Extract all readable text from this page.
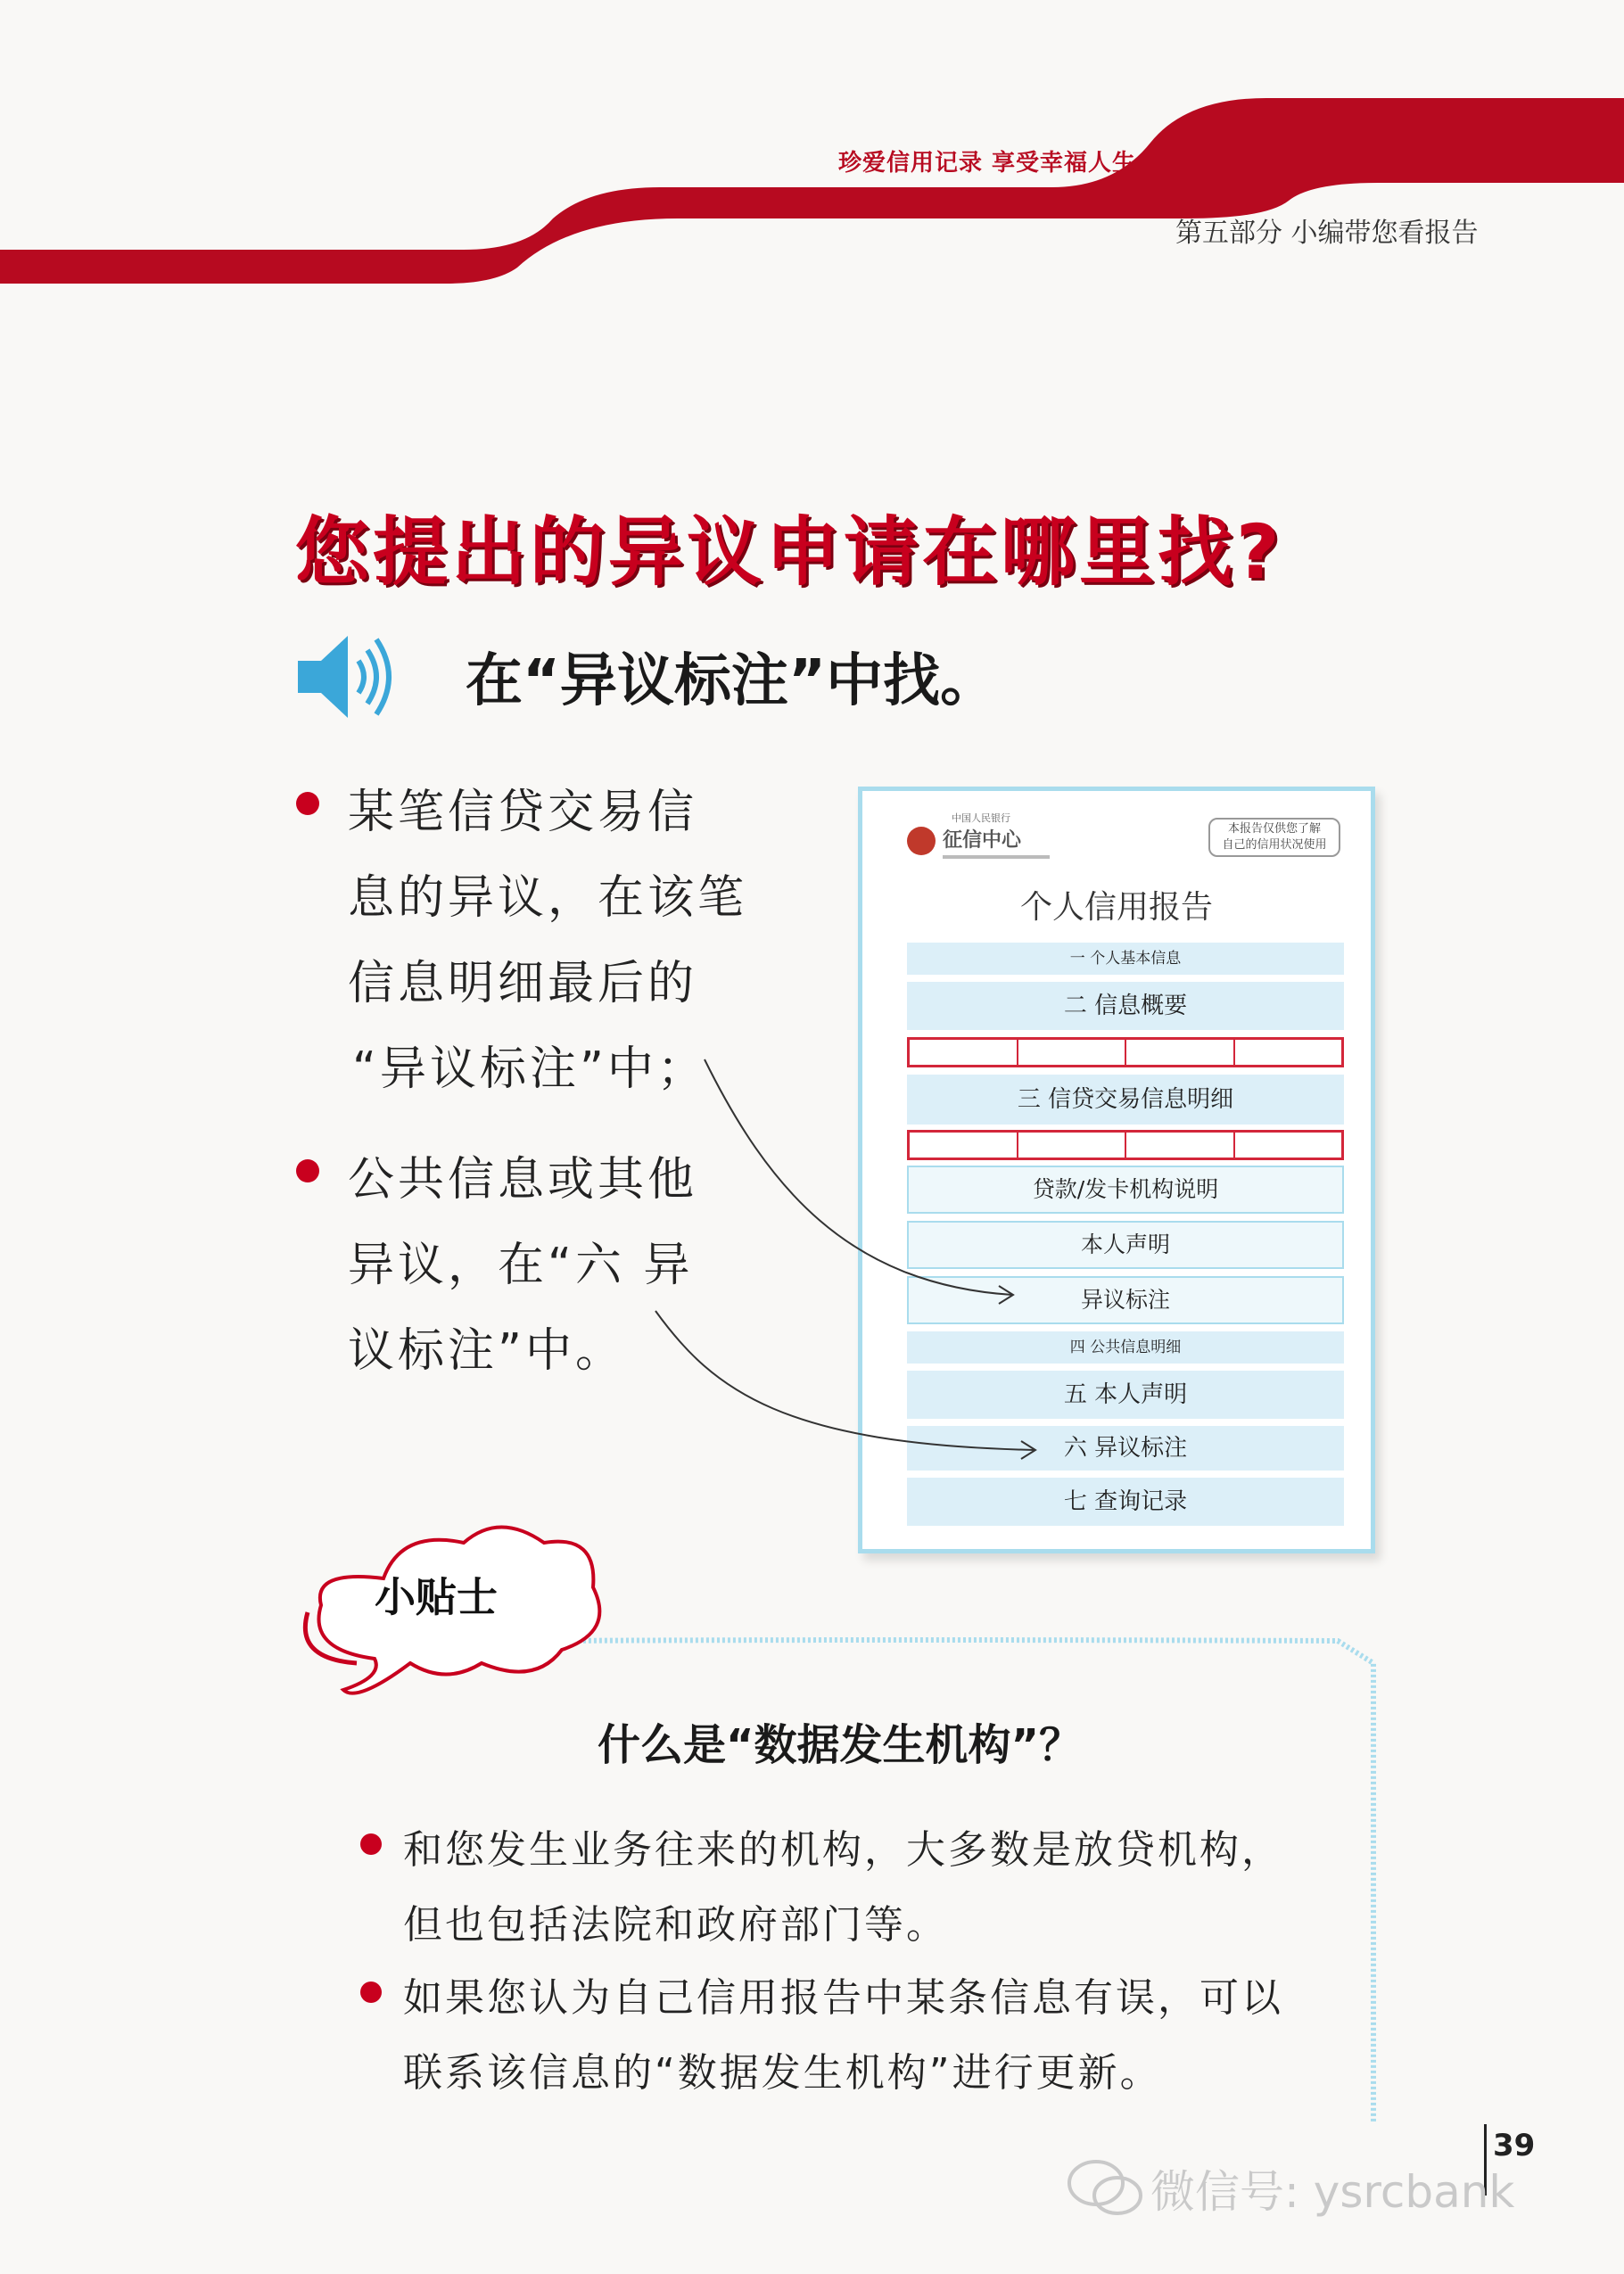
珍爱信用记录 享受幸福人生
第五部分 小编带您看报告
您提出的异议申请在哪里找?
在“异议标注”中找。
某笔信贷交易信
息的异议，在该笔
信息明细最后的
“异议标注”中；
公共信息或其他
异议，在“六 异
议标注”中。
中国人民银行
征信中心	本报告仅供您了解
自己的信用状况使用
个人信用报告
一 个人基本信息
二 信息概要
三 信贷交易信息明细
贷款/发卡机构说明
本人声明
异议标注
四 公共信息明细
五 本人声明
六 异议标注
七 查询记录
小贴士
什么是“数据发生机构”？
和您发生业务往来的机构，大多数是放贷机构，
但也包括法院和政府部门等。
如果您认为自己信用报告中某条信息有误，可以
联系该信息的“数据发生机构”进行更新。
39
微信号: ysrcbank
